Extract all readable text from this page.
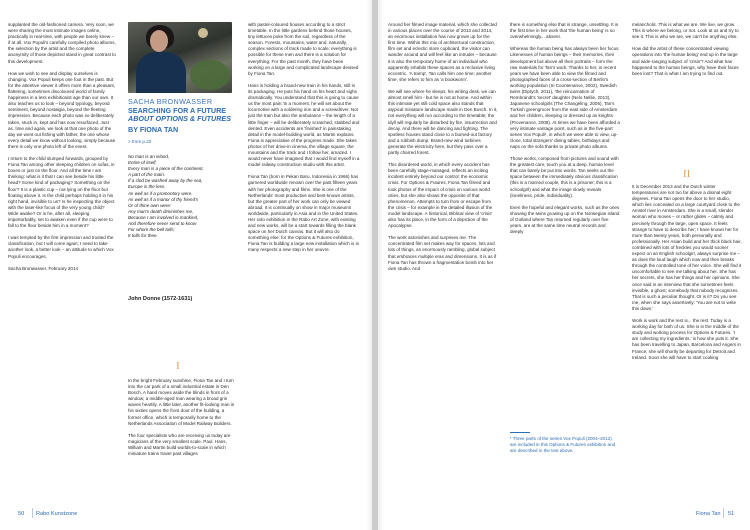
supplanted the old-fashioned camera. Very soon, we were sharing the most intimate images online, practically in real-time, with people we barely knew – if at all. Vox Populi's carefully compiled photo albums, the selection by the artist and the complete anonymity of those depicted stand in great contrast to this development.

How we wish to see and display ourselves is changing. Vox Populi keeps one foot in the past. But for the attentive viewer it offers more than a pleasant, flattering, sometimes discoloured world of family happiness in a less exhibitionist age than our own. It also teaches us to look – beyond typology, beyond sentiment, beyond nostalgia, beyond the fleeting impression. Because each photo was so deliberately taken, stuck in, kept and has now resurfaced. Just as, time and again, we look at that one photo of the day we went out fishing with father, the one whose every detail we know without looking, simply because there is only one photo left of the event.

I return to the child slumped forwards, grouped by Fiona Tan among other sleeping children on sofas, in boxes or just on the floor. And all the time I am thinking: what is it that I can see beside his little head? Some kind of packaging? Something on the floor? It is a plastic cup – not lying on the floor but floating above it. Is the child perhaps holding it in his right hand, invisible to us? Is he inspecting the object with the laser-like focus of the very young child? Wide awake? Or is he, after all, sleeping imperturbably, set to awaken even if the cup were to fall to the floor beside him in a moment?

I was tempted by the first impression and trusted the classification, but I will come again; I need to take another look, a better look – an attitude to which Vox Populi encourages.

Sacha Bronwasser, February 2014
SACHA BRONWASSER
SEARCHING FOR A FUTURE
ABOUT OPTIONS & FUTURES
BY FIONA TAN
> from p.22
No man is an island,
Entire of itself,
Every man is a piece of the continent,
A part of the main.
If a clod be washed away by the sea,
Europe is the less.
As well as if a promontory were.
As well as if a manor of thy friend's
Or of thine own were:
Any man's death diminishes me,
Because I am involved in mankind,
And therefore never send to know
For whom the bell tolls;
It tolls for thee.
John Donne (1572-1631)
I
In the bright February sunshine, Fiona Tan and I turn into the car park of a small industrial estate in Den Bosch. A hand moves aside the blinds in front of a window; a middle-aged man wearing a broad grin waves heartily. A little later, another fit-looking man in his sixties opens the front door of the building, a former office, which is temporarily home to the Netherlands Association of Model Railway Builders.

The four specialists who are receiving us today are magicians of the very smallest scale. Paul, Hans, William and Martin build worlds-to-scale in which miniature trains travel past villages
with pastel-coloured houses according to a strict timetable. In the little gardens behind those houses, tiny lettuces poke from the soil, regardless of the season. Forests, mountains, water and, naturally, complex sections of track made to scale: everything is possible for these men and there is a solution for everything. For the past month, they have been working on a large and complicated landscape devised by Fiona Tan.

Hans is holding a brand-new train in his hands, still in its packaging. He puts his hand on his heart and sighs dramatically. You understand that this is going to cause us the most pain.'In a moment, he will set about the locomotive with a soldering iron and a screwdriver. Not just the train but also the ambulance – the length of a little finger – will be deliberately scratched, stabbed and dented. Even accidents are 'finished' in painstaking detail in the model-building world, as Martin explains. Fiona is appreciative of the progress made. She takes photos of her drive-in cinema, the village square, the mountains and the track and I follow her, amazed. I would never have imagined that I would find myself in a model railway construction studio with this artist.

Fiona Tan (born in Pekan Baru, Indonesia in 1966) has garnered worldwide renown over the past fifteen years with her photography and films. She is one of the Netherlands' most productive and best-known artists, but the greater part of her work can only be viewed abroad. It is continually on show in major museums worldwide, particularly in Asia and in the United States. Her solo exhibition in the Rabo Art Zone, with existing and new works, will be a start towards filling the blank space on her Dutch canvas. But it will also do something else: for the Options & Futures exhibition, Fiona Tan is building a large new installation which is in many respects a new step in her oeuvre.
50 Rabo Kunstzone
Around her filmed image material, which she collected in various places over the course of 2013 and 2014, an enormous installation has now grown up for the first time. Within this mix of architectural construction, film set and eclectic store cupboard, the visitor can wander around and will feel like an intruder – because it is also the temporary home of an individual who apparently inhabits these spaces as a reclusive living eccentric. 'A tramp', Tan calls him one time; another time, she refers to him as 'a bookworm'.

We will see where he sleeps, his writing desk, we can almost smell him - but he is not at home. And within this intimate yet still cold space also stands that atypical miniature landscape made in Den Bosch. In it, not everything will run according to the timetable; the idyll will regularly be disturbed by fire, insurrection and decay. And there will be dancing and fighting. The spotless houses stand close to a burned-out factory and a rubbish dump. Brand-new wind turbines generate the electricity here, but they pass over a partly charred forest.

This disordered world, in which every accident has been carefully stage-managed, reflects an inciting incident entirely beyond our control: the economic crisis. For Options & Futures, Fiona Tan filmed and took photos of the impact of crisis on various world cities, but she also shows the opposite of that phenomenon. Attempts to turn from or escape from the crisis – for example in the detailed illusion of the model landscape. A historical, Biblical view of 'crisis' also has its place, in the form of a depiction of the Apocalypse.

The work astonishes and surprises me. The concentrated film set makes way for spaces, lots and lots of things, an enormously rambling, global subject that embraces multiple eras and dimensions. It is as if Fiona Tan has thrown a fragmentation bomb into her own studio. And
there is something else that is strange, unsettling. It is the first time in her work that 'the human being' is so overwhelmingly... absent.

Whereas the human being has always been her focus. Likenesses of human beings – their memories, their development but above all their portraits – form the raw materials for Tan's work. Thanks to her, in recent years we have been able to view the filmed and photographed faces of a cross-section of Berlin's working population (In Countenance, 2002), Swedish twins (Diptych, 2011), 'the reincarnation of Rembrandt's 'secret' daughter (Nelo Nellie, 2013), Japanese schoolgirls (The Changeling, 2006), Tan's Turkish greengrocer from the east side of Amsterdam and her children, sleeping or dressed up as knights (Provenance, 2008). At times we have been afforded a very intimate vantage point, such as in the five-part series Vox Populi¹, in which we were able to view, up-close, total strangers' dining tables, birthdays and naps on the sofa thanks to private photo albums.

Those works, composed from pictures and sound with the greatest care, touch you at a deep, human level that can barely be put into words. Tan seeks out the space between the immediately obvious classification (this is a married couple, this is a prisoner, this is a schoolgirl) and what the image slowly reveals (loneliness, pride, individuality).

Even the hopeful and elegant works, such as the ones showing the twins growing up on the Norwegian island of Gotland where Tan returned regularly over five years, are at the same time neutral records and deeply
melancholic. This is what we are. We live, we grow. This is where we belong, or not. Look at us and try to see it. This is who we are, we can't be anything else.

How did the artist of these concentrated viewing operations into 'the human being' end up in the large and wide-ranging subject of 'crisis'? And what has happened to the human beings, why have their faces been lost? That is what I am trying to find out.
II
It is December 2013 and the Dutch winter temperatures are not too far above a dismal eight degrees. Fiona Tan opens the door to her studio, which lies concealed on a large courtyard close to the Amstel river in Amsterdam. She is a small, slender woman who moves – or rather glides – calmly and precisely through the large, open space. It feels strange to have to describe her; I have known her for more than twenty years, both personally and professionally. Her Asian build and her thick black hair, combined with lots of freckles you would sooner expect on an English schoolgirl, always surprise me – as does the loud laugh which now and then breaks through the controlled tone of her voice. She will find it uncomfortable to see me talking about her. She has her secrets, she has her things and her opinions. She once said in an interview that she sometimes feels invisible, a ghost; somebody that nobody recognizes. That is such a peculiar thought. Or is it? Do you see me, when she says assertively: 'You are not to write this down.'

Work is work and the rest is... the rest. Today is a working day for both of us. She is in the middle of the study and working process for Options & Futures. 'I am collecting my ingredients,' is how she puts it. She has been travelling to Japan, Barcelona and Angers in France; she will shortly be departing for Detroit and Ireland. Soon she will have to start cooking
¹ Three parts of the series Vox Populi (2004–2012) are included in this Options & Futures exhibition and are described in the text above.
Fiona Tan 51
